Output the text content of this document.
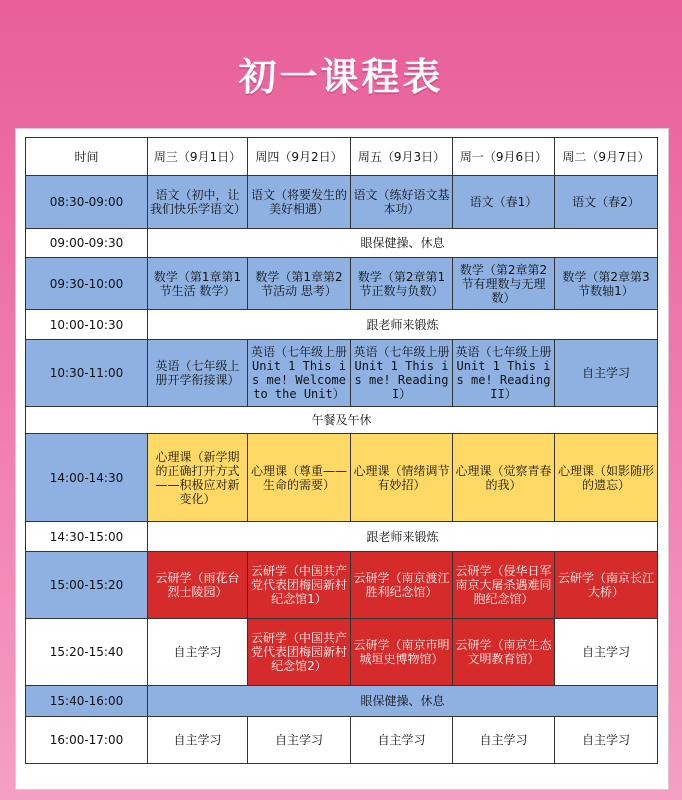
初一课程表
时间	周三（9月1日）	周四（9月2日）	周五（9月3日）	周一（9月6日）	周二（9月7日）
08:30-09:00	语文（初中，让我们快乐学语文）	语文（将要发生的美好相遇）	语文（练好语文基本功）	语文（春1）	语文（春2）
09:00-09:30	眼保健操、休息				
09:30-10:00	数学（第1章第1节生活 数学）	数学（第1章第2节活动 思考）	数学（第2章第1节正数与负数）	数学（第2章第2节有理数与无理数）	数学（第2章第3节数轴1）
10:00-10:30	跟老师来锻炼				
10:30-11:00	英语（七年级上册开学衔接课）	英语（七年级上册 Unit 1 This is me! Welcome to the Unit）	英语（七年级上册 Unit 1 This is me! Reading I）	英语（七年级上册 Unit 1 This is me! Reading II）	自主学习
午餐及午休					
14:00-14:30	心理课（新学期的正确打开方式——积极应对新变化）	心理课（尊重——生命的需要）	心理课（情绪调节有妙招）	心理课（觉察青春的我）	心理课（如影随形的遗忘）
14:30-15:00	跟老师来锻炼				
15:00-15:20	云研学（雨花台烈士陵园）	云研学（中国共产党代表团梅园新村纪念馆1）	云研学（南京渡江胜利纪念馆）	云研学（侵华日军南京大屠杀遇难同胞纪念馆）	云研学（南京长江大桥）
15:20-15:40	自主学习	云研学（中国共产党代表团梅园新村纪念馆2）	云研学（南京市明城垣史博物馆）	云研学（南京生态文明教育馆）	自主学习
15:40-16:00	眼保健操、休息				
16:00-17:00	自主学习	自主学习	自主学习	自主学习	自主学习
